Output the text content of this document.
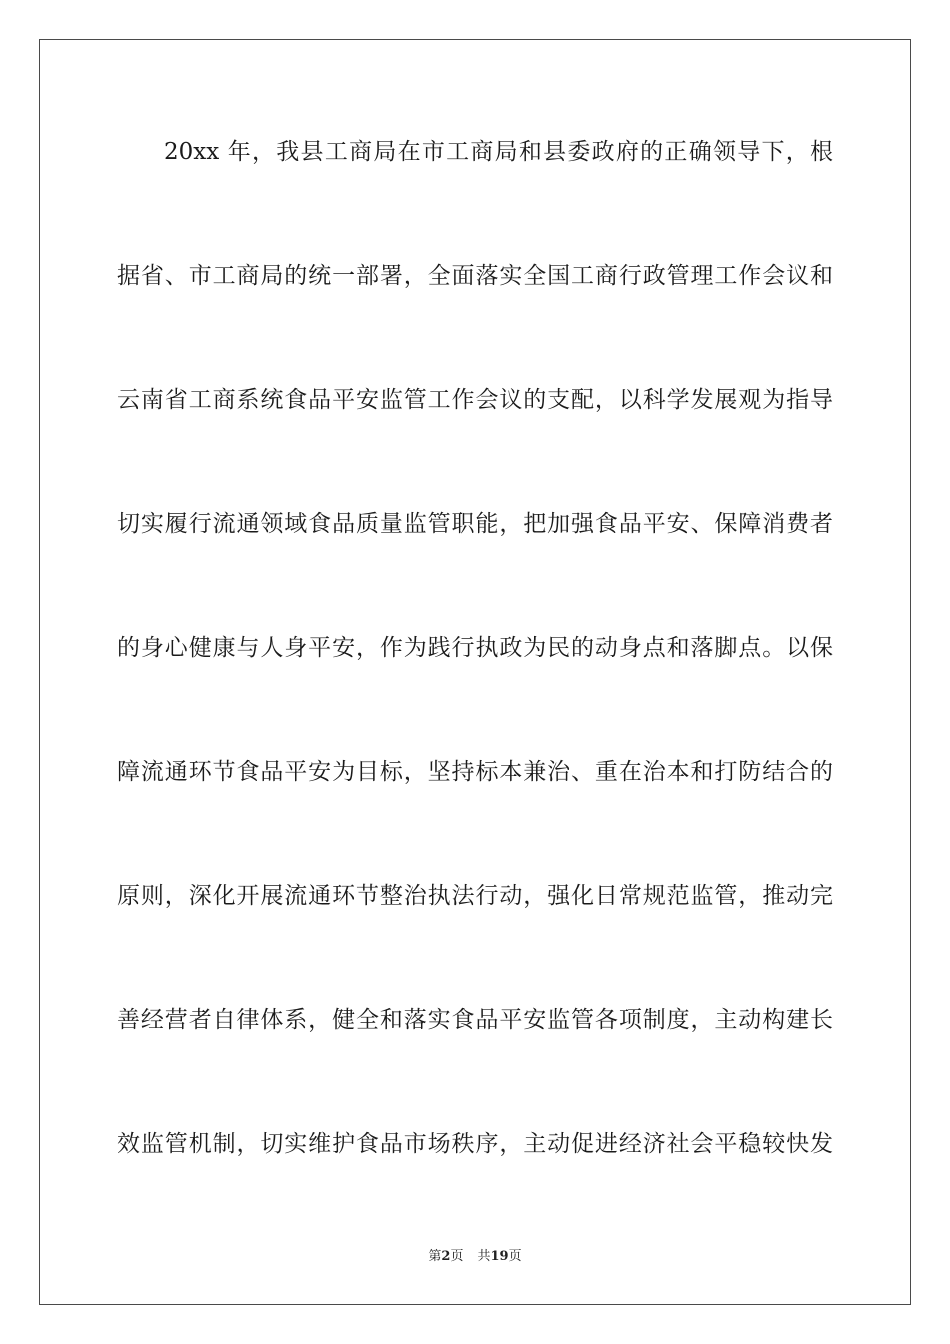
20xx 年，我县工商局在市工商局和县委政府的正确领导下，根
据省、市工商局的统一部署，全面落实全国工商行政管理工作会议和
云南省工商系统食品平安监管工作会议的支配，以科学发展观为指导
切实履行流通领域食品质量监管职能，把加强食品平安、保障消费者
的身心健康与人身平安，作为践行执政为民的动身点和落脚点。以保
障流通环节食品平安为目标，坚持标本兼治、重在治本和打防结合的
原则，深化开展流通环节整治执法行动，强化日常规范监管，推动完
善经营者自律体系，健全和落实食品平安监管各项制度，主动构建长
效监管机制，切实维护食品市场秩序，主动促进经济社会平稳较快发
第2页 共19页
